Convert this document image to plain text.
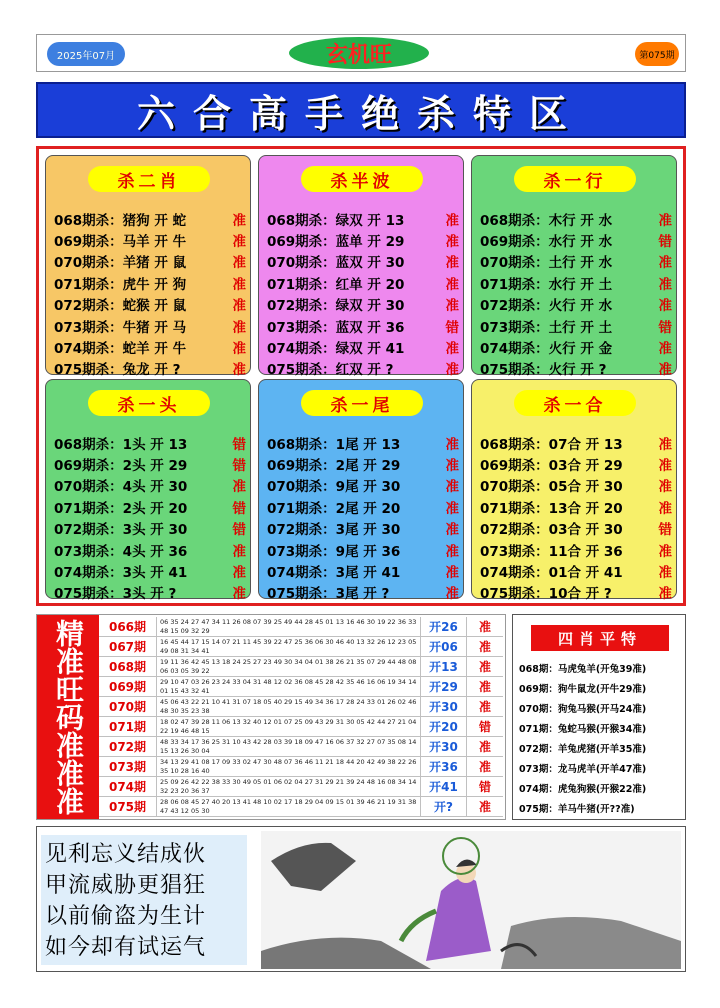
2025年07月	玄机旺	第075期
六合高手绝杀特区
杀二肖
068期杀：猪狗 开 蛇	准
069期杀：马羊 开 牛	准
070期杀：羊猪 开 鼠	准
071期杀：虎牛 开 狗	准
072期杀：蛇猴 开 鼠	准
073期杀：牛猪 开 马	准
074期杀：蛇羊 开 牛	准
075期杀：兔龙 开 ?	准
杀半波
068期杀：绿双 开 13	准
069期杀：蓝单 开 29	准
070期杀：蓝双 开 30	准
071期杀：红单 开 20	准
072期杀：绿双 开 30	准
073期杀：蓝双 开 36	错
074期杀：绿双 开 41	准
075期杀：红双 开 ?	准
杀一行
068期杀：木行 开 水	准
069期杀：水行 开 水	错
070期杀：土行 开 水	准
071期杀：水行 开 土	准
072期杀：火行 开 水	准
073期杀：土行 开 土	错
074期杀：火行 开 金	准
075期杀：火行 开 ?	准
杀一头
068期杀：1头 开 13	错
069期杀：2头 开 29	错
070期杀：4头 开 30	准
071期杀：2头 开 20	错
072期杀：3头 开 30	错
073期杀：4头 开 36	准
074期杀：3头 开 41	准
075期杀：3头 开 ?	准
杀一尾
068期杀：1尾 开 13	准
069期杀：2尾 开 29	准
070期杀：9尾 开 30	准
071期杀：2尾 开 20	准
072期杀：3尾 开 30	准
073期杀：9尾 开 36	准
074期杀：3尾 开 41	准
075期杀：3尾 开 ?	准
杀一合
068期杀：07合 开 13	准
069期杀：03合 开 29	准
070期杀：05合 开 30	准
071期杀：13合 开 20	准
072期杀：03合 开 30	错
073期杀：11合 开 36	准
074期杀：01合 开 41	准
075期杀：10合 开 ?	准
精准旺码准准准	066期	06 35 24 27 47 34 11 26 08 07 39 25 49 44 28 45 01 13 16 46 30 19 22 36 33 48 15 09 32 29	开26	准
067期	16 45 44 17 15 14 07 21 11 45 39 22 47 25 36 06 30 46 40 13 32 26 12 23 05 49 08 31 34 41	开06	准
068期	19 11 36 42 45 13 18 24 25 27 23 49 30 34 04 01 38 26 21 35 07 29 44 48 08 06 03 05 39 22	开13	准
069期	29 10 47 03 26 23 24 33 04 31 48 12 02 36 08 45 28 42 35 46 16 06 19 34 14 01 15 43 32 41	开29	准
070期	45 06 43 22 21 10 41 31 07 18 05 40 29 15 49 34 36 17 28 24 33 01 26 02 46 48 30 35 23 38	开30	准
071期	18 02 47 39 28 11 06 13 32 40 12 01 07 25 09 43 29 31 30 05 42 44 27 21 04 22 19 46 48 15	开20	错
072期	48 33 34 17 36 25 31 10 43 42 28 03 39 18 09 47 16 06 37 32 27 07 35 08 14 15 13 26 30 04	开30	准
073期	34 13 29 41 08 17 09 33 02 47 30 48 07 36 46 11 21 18 44 20 42 49 38 22 26 35 10 28 16 40	开36	准
074期	25 09 26 42 22 38 33 30 49 05 01 06 02 04 27 31 29 21 39 24 48 16 08 34 14 32 23 20 36 37	开41	错
075期	28 06 08 45 27 40 20 13 41 48 10 02 17 18 29 04 09 15 01 39 46 21 19 31 38 47 43 12 05 30	开?	准
四肖平特
068期：马虎兔羊(开兔39准)
069期：狗牛鼠龙(开牛29准)
070期：狗兔马猴(开马24准)
071期：兔蛇马猴(开猴34准)
072期：羊兔虎猪(开羊35准)
073期：龙马虎羊(开羊47准)
074期：虎兔狗猴(开猴22准)
075期：羊马牛猪(开??准)
见利忘义结成伙
甲流威胁更猖狂
以前偷盗为生计
如今却有试运气
